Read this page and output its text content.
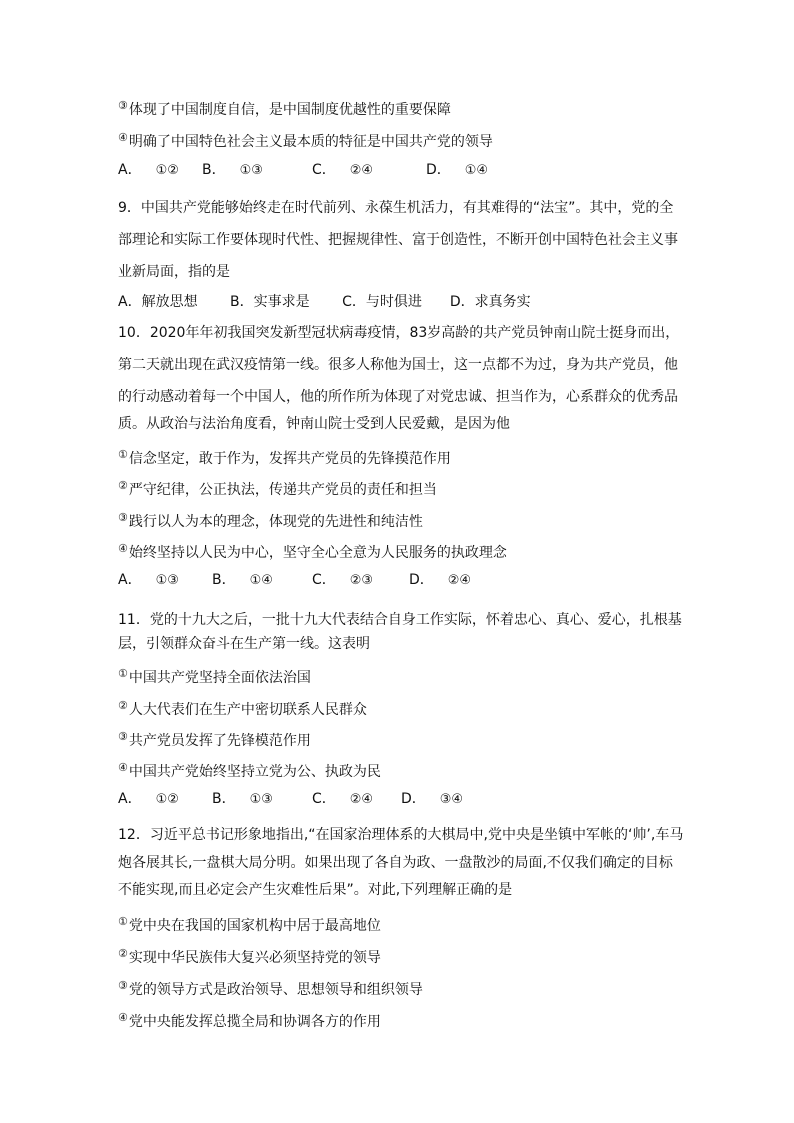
③体现了中国制度自信，是中国制度优越性的重要保障
④明确了中国特色社会主义最本质的特征是中国共产党的领导
A． ①② B． ①③	C． ②④	D． ①④
9．中国共产党能够始终走在时代前列、永葆生机活力，有其难得的“法宝”。其中，党的全
部理论和实际工作要体现时代性、把握规律性、富于创造性，不断开创中国特色社会主义事
业新局面，指的是
A．解放思想　　 B．实事求是　　 C．与时俱进　　D．求真务实
10．2020年年初我国突发新型冠状病毒疫情，83岁高龄的共产党员钟南山院士挺身而出，
第二天就出现在武汉疫情第一线。很多人称他为国士，这一点都不为过，身为共产党员，他
的行动感动着每一个中国人，他的所作所为体现了对党忠诚、担当作为，心系群众的优秀品
质。从政治与法治角度看，钟南山院士受到人民爱戴，是因为他
①信念坚定，敢于作为，发挥共产党员的先锋摸范作用
②严守纪律，公正执法，传递共产党员的责任和担当
③践行以人为本的理念，体现党的先进性和纯洁性
④始终坚持以人民为中心，坚守全心全意为人民服务的执政理念
A． ①③ B． ①④	C． ②③	D． ②④
11．党的十九大之后，一批十九大代表结合自身工作实际，怀着忠心、真心、爱心，扎根基
层，引领群众奋斗在生产第一线。这表明
①中国共产党坚持全面依法治国
②人大代表们在生产中密切联系人民群众
③共产党员发挥了先锋模范作用
④中国共产党始终坚持立党为公、执政为民
A． ①② B． ①③	C． ②④ D． ③④
12．习近平总书记形象地指出,“在国家治理体系的大棋局中,党中央是坐镇中军帐的‘帅’,车马
炮各展其长,一盘棋大局分明。如果出现了各自为政、一盘散沙的局面,不仅我们确定的目标
不能实现,而且必定会产生灾难性后果”。对此,下列理解正确的是
①党中央在我国的国家机构中居于最高地位
②实现中华民族伟大复兴必须坚持党的领导
③党的领导方式是政治领导、思想领导和组织领导
④党中央能发挥总揽全局和协调各方的作用
